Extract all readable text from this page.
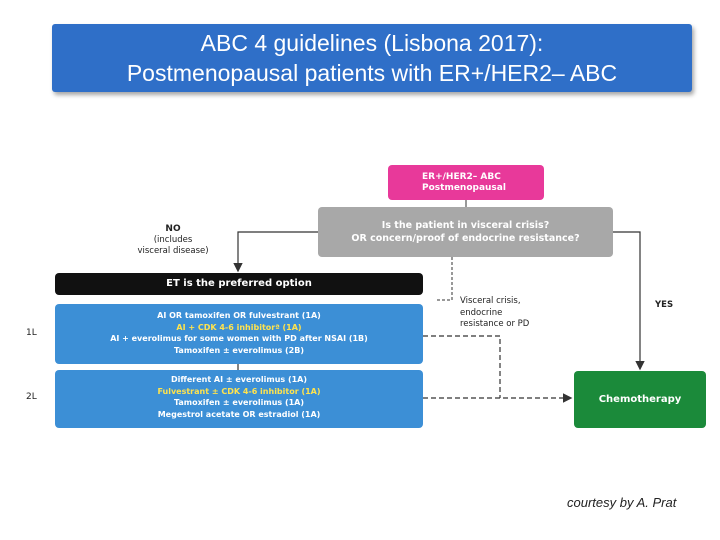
ABC 4 guidelines (Lisbona 2017):
Postmenopausal patients with ER+/HER2– ABC
ER+/HER2– ABC
Postmenopausal
Is the patient in visceral crisis?
OR concern/proof of endocrine resistance?
NO
(includes
visceral disease)
YES
ET is the preferred option
1L
AI OR tamoxifen OR fulvestrant (1A)
AI + CDK 4-6 inhibitorª (1A)
AI + everolimus for some women with PD after NSAI (1B)
Tamoxifen ± everolimus (2B)
2L
Different AI ± everolimus (1A)
Fulvestrant ± CDK 4-6 inhibitor (1A)
Tamoxifen ± everolimus (1A)
Megestrol acetate OR estradiol (1A)
Visceral crisis,
endocrine
resistance or PD
Chemotherapy
courtesy by A. Prat
